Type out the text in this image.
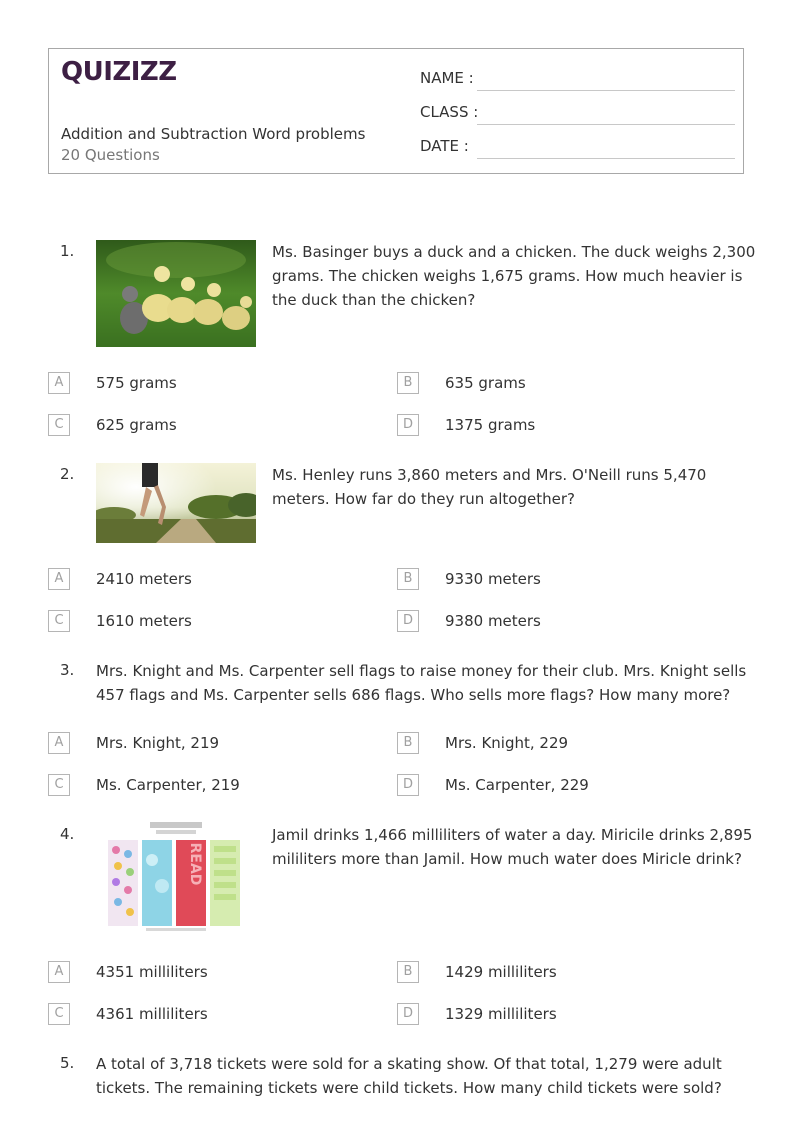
QUIZIZZ
Addition and Subtraction Word problems
20 Questions
NAME :
CLASS :
DATE :
1.	Ms. Basinger buys a duck and a chicken. The duck weighs 2,300
grams. The chicken weighs 1,675 grams. How much heavier is
the duck than the chicken?
A	575 grams	B	635 grams
C	625 grams	D	1375 grams
2.	Ms. Henley runs 3,860 meters and Mrs. O'Neill runs 5,470
meters. How far do they run altogether?
A	2410 meters	B	9330 meters
C	1610 meters	D	9380 meters
3. Mrs. Knight and Ms. Carpenter sell flags to raise money for their club. Mrs. Knight sells
457 flags and Ms. Carpenter sells 686 flags. Who sells more flags? How many more?
A	Mrs. Knight, 219	B	Mrs. Knight, 229
C	Ms. Carpenter, 219	D	Ms. Carpenter, 229
4.
READ
Jamil drinks 1,466 milliliters of water a day. Miricile drinks 2,895
mililiters more than Jamil. How much water does Miricle drink?
A	4351 milliliters	B	1429 milliliters
C	4361 milliliters	D	1329 milliliters
5. A total of 3,718 tickets were sold for a skating show. Of that total, 1,279 were adult
tickets. The remaining tickets were child tickets. How many child tickets were sold?
